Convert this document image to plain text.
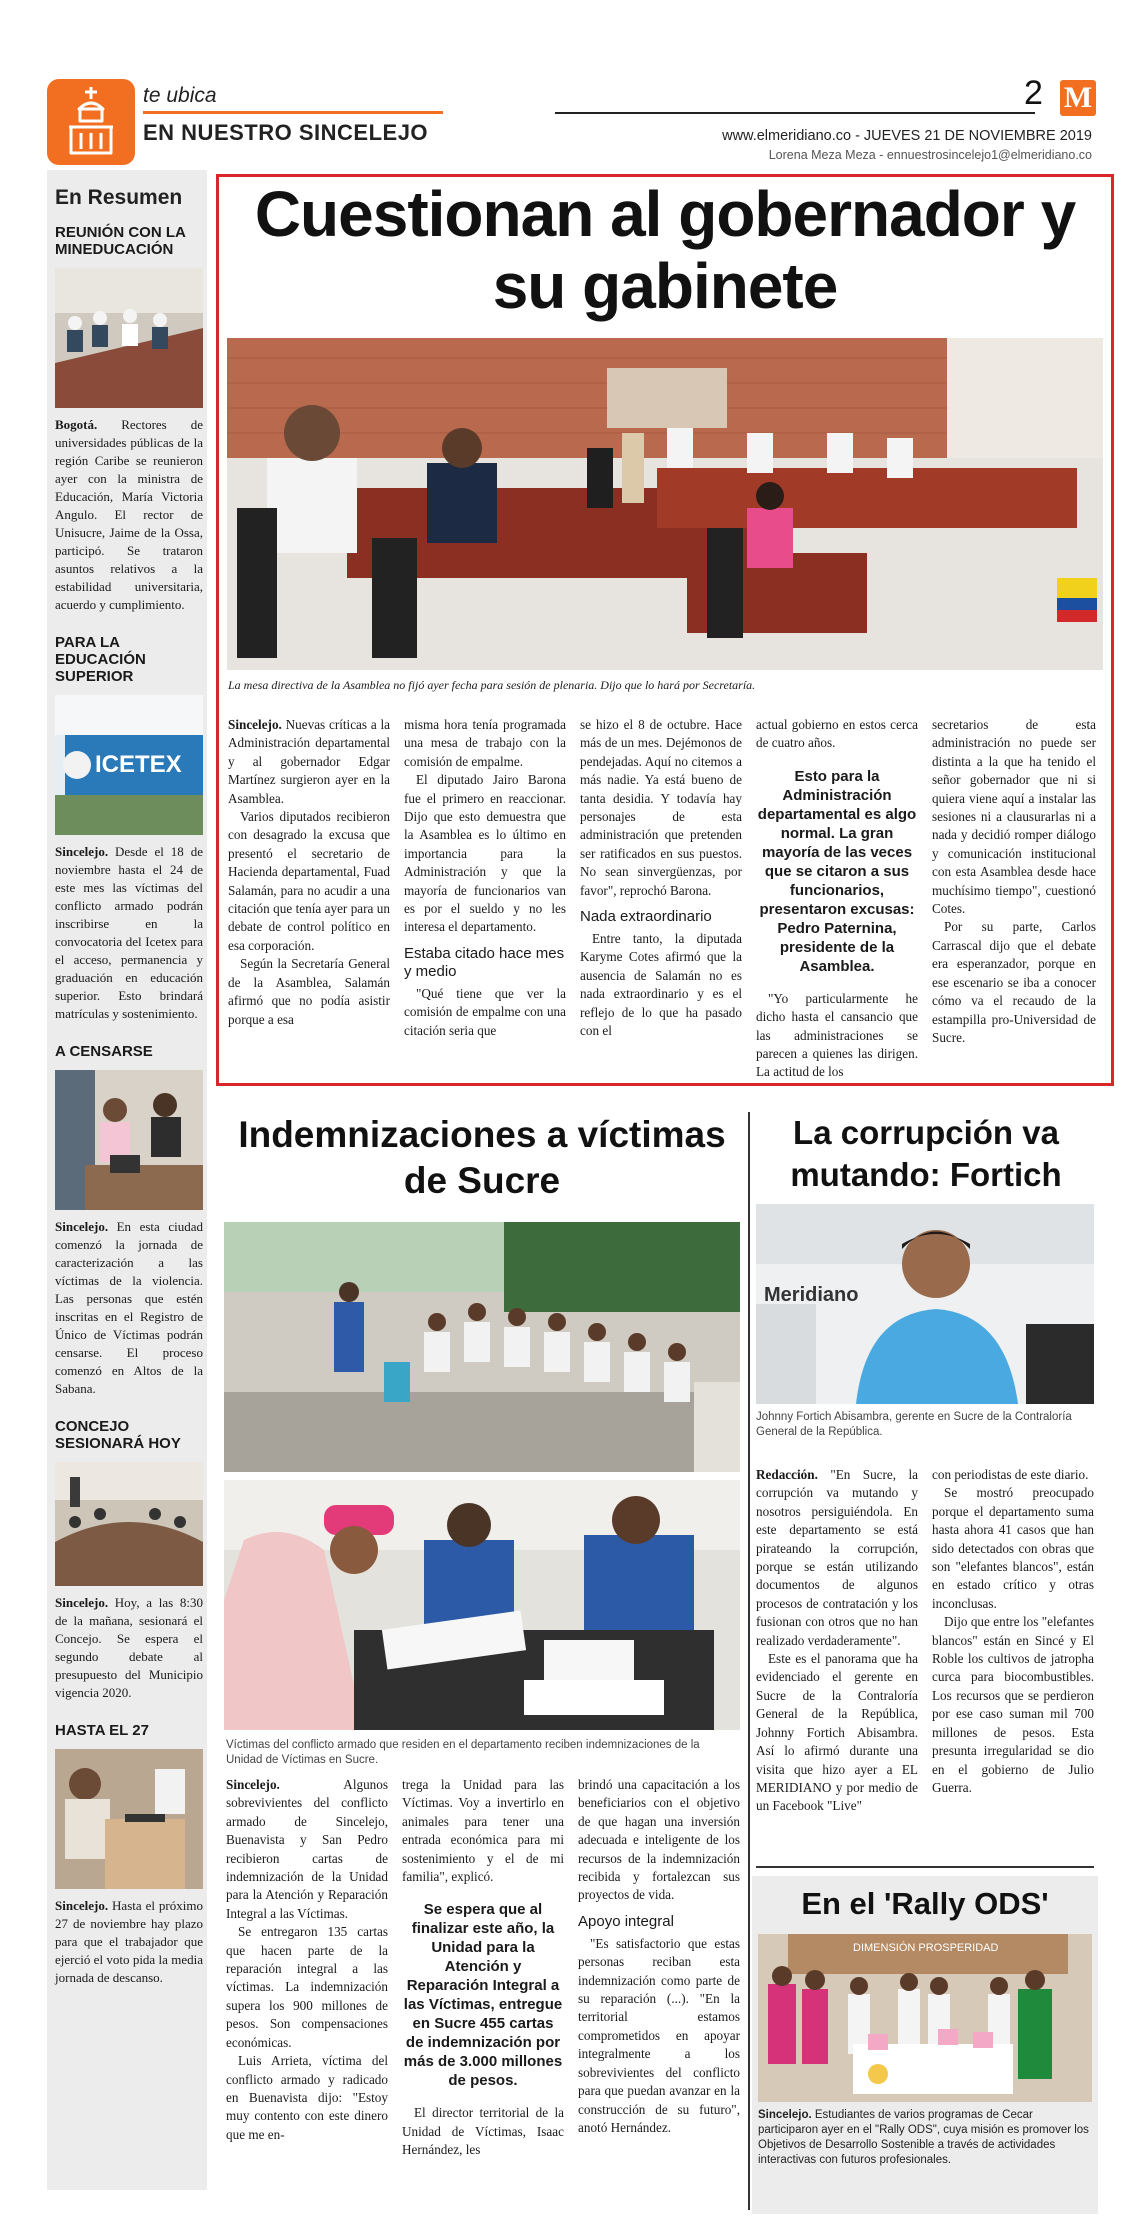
te ubica
EN NUESTRO SINCELEJO
2 M
www.elmeridiano.co - JUEVES 21 DE NOVIEMBRE 2019
Lorena Meza Meza - ennuestrosincelejo1@elmeridiano.co
En Resumen
REUNIÓN CON LA MINEDUCACIÓN

Bogotá. Rectores de universidades públicas de la región Caribe se reunieron ayer con la ministra de Educación, María Victoria Angulo. El rector de Unisucre, Jaime de la Ossa, participó. Se trataron asuntos relativos a la estabilidad universitaria, acuerdo y cumplimiento.

PARA LA EDUCACIÓN SUPERIOR
ICETEX

Sincelejo. Desde el 18 de noviembre hasta el 24 de este mes las víctimas del conflicto armado podrán inscribirse en la convocatoria del Icetex para el acceso, permanencia y graduación en educación superior. Esto brindará matrículas y sostenimiento.

A CENSARSE

Sincelejo. En esta ciudad comenzó la jornada de caracterización a las víctimas de la violencia. Las personas que estén inscritas en el Registro de Único de Víctimas podrán censarse. El proceso comenzó en Altos de la Sabana.

CONCEJO SESIONARÁ HOY

Sincelejo. Hoy, a las 8:30 de la mañana, sesionará el Concejo. Se espera el segundo debate al presupuesto del Municipio vigencia 2020.

HASTA EL 27

Sincelejo. Hasta el próximo 27 de noviembre hay plazo para que el trabajador que ejerció el voto pida la media jornada de descanso.

Cuestionan al gobernador y su gabinete
La mesa directiva de la Asamblea no fijó ayer fecha para sesión de plenaria. Dijo que lo hará por Secretaría.

Sincelejo. Nuevas críticas a la Administración departamental y al gobernador Edgar Martínez surgieron ayer en la Asamblea.

Varios diputados recibieron con desagrado la excusa que presentó el secretario de Hacienda departamental, Fuad Salamán, para no acudir a una citación que tenía ayer para un debate de control político en esa corporación.

Según la Secretaría General de la Asamblea, Salamán afirmó que no podía asistir porque a esa

misma hora tenía programada una mesa de trabajo con la comisión de empalme.

El diputado Jairo Barona fue el primero en reaccionar. Dijo que esto demuestra que la Asamblea es lo último en importancia para la Administración y que la mayoría de funcionarios van es por el sueldo y no les interesa el departamento.

Estaba citado hace mes y medio

"Qué tiene que ver la comisión de empalme con una citación seria que

se hizo el 8 de octubre. Hace más de un mes. Dejémonos de pendejadas. Aquí no citemos a más nadie. Ya está bueno de tanta desidia. Y todavía hay personajes de esta administración que pretenden ser ratificados en sus puestos. No sean sinvergüenzas, por favor", reprochó Barona.

Nada extraordinario

Entre tanto, la diputada Karyme Cotes afirmó que la ausencia de Salamán no es nada extraordinario y es el reflejo de lo que ha pasado con el

actual gobierno en estos cerca de cuatro años.

Esto para la Administración departamental es algo normal. La gran mayoría de las veces que se citaron a sus funcionarios, presentaron excusas: Pedro Paternina, presidente de la Asamblea.

"Yo particularmente he dicho hasta el cansancio que las administraciones se parecen a quienes las dirigen. La actitud de los

secretarios de esta administración no puede ser distinta a la que ha tenido el señor gobernador que ni si quiera viene aquí a instalar las sesiones ni a clausurarlas ni a nada y decidió romper diálogo y comunicación institucional con esta Asamblea desde hace muchísimo tiempo", cuestionó Cotes.

Por su parte, Carlos Carrascal dijo que el debate era esperanzador, porque en ese escenario se iba a conocer cómo va el recaudo de la estampilla pro-Universidad de Sucre.

Indemnizaciones a víctimas de Sucre
Víctimas del conflicto armado que residen en el departamento reciben indemnizaciones de la Unidad de Víctimas en Sucre.

Sincelejo. Algunos sobrevivientes del conflicto armado de Sincelejo, Buenavista y San Pedro recibieron cartas de indemnización de la Unidad para la Atención y Reparación Integral a las Víctimas.

Se entregaron 135 cartas que hacen parte de la reparación integral a las víctimas. La indemnización supera los 900 millones de pesos. Son compensaciones económicas.

Luis Arrieta, víctima del conflicto armado y radicado en Buenavista dijo: "Estoy muy contento con este dinero que me en-

trega la Unidad para las Víctimas. Voy a invertirlo en animales para tener una entrada económica para mi sostenimiento y el de mi familia", explicó.

Se espera que al finalizar este año, la Unidad para la Atención y Reparación Integral a las Víctimas, entregue en Sucre 455 cartas de indemnización por más de 3.000 millones de pesos.

El director territorial de la Unidad de Víctimas, Isaac Hernández, les

brindó una capacitación a los beneficiarios con el objetivo de que hagan una inversión adecuada e inteligente de los recursos de la indemnización recibida y fortalezcan sus proyectos de vida.

Apoyo integral

"Es satisfactorio que estas personas reciban esta indemnización como parte de su reparación (...). "En la territorial estamos comprometidos en apoyar integralmente a los sobrevivientes del conflicto para que puedan avanzar en la construcción de su futuro", anotó Hernández.

La corrupción va mutando: Fortich
Meridiano
Johnny Fortich Abisambra, gerente en Sucre de la Contraloría General de la República.

Redacción. "En Sucre, la corrupción va mutando y nosotros persiguiéndola. En este departamento se está pirateando la corrupción, porque se están utilizando documentos de algunos procesos de contratación y los fusionan con otros que no han realizado verdaderamente".

Este es el panorama que ha evidenciado el gerente en Sucre de la Contraloría General de la República, Johnny Fortich Abisambra. Así lo afirmó durante una visita que hizo ayer a EL MERIDIANO y por medio de un Facebook "Live"

con periodistas de este diario.

Se mostró preocupado porque el departamento suma hasta ahora 41 casos que han sido detectados con obras que son "elefantes blancos", están en estado crítico y otras inconclusas.

Dijo que entre los "elefantes blancos" están en Sincé y El Roble los cultivos de jatropha curca para biocombustibles. Los recursos que se perdieron por ese caso suman mil 700 millones de pesos. Esta presunta irregularidad se dio en el gobierno de Julio Guerra.

En el 'Rally ODS'
DIMENSIÓN PROSPERIDAD
Sincelejo. Estudiantes de varios programas de Cecar participaron ayer en el "Rally ODS", cuya misión es promover los Objetivos de Desarrollo Sostenible a través de actividades interactivas con futuros profesionales.
